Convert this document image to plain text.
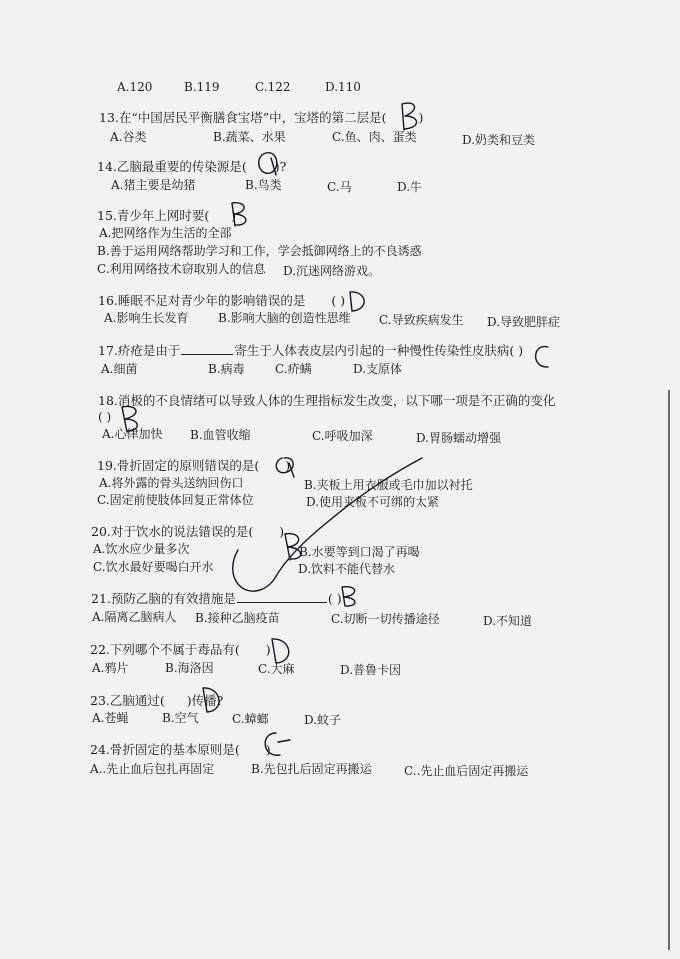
A.120	B.119	C.122	D.110
13.在“中国居民平衡膳食宝塔”中，宝塔的第二层是(	)
A.谷类	B.蔬菜、水果	C.鱼、肉、蛋类	D.奶类和豆类
14.乙脑最重要的传染源是( )?
A.猪主要是幼猪	B.鸟类	C.马	D.牛
15.青少年上网时要( )
A.把网络作为生活的全部
B.善于运用网络帮助学习和工作，学会抵御网络上的不良诱惑
C.利用网络技术窃取别人的信息 D.沉迷网络游戏。
16.睡眠不足对青少年的影响错误的是 ( )
A.影响生长发育 B.影响大脑的创造性思维 C.导致疾病发生 D.导致肥胖症
17.疥疮是由于	寄生于人体表皮层内引起的一种慢性传染性皮肤病( )
A.细菌	B.病毒	C.疥螨	D.支原体
18.消极的不良情绪可以导致人体的生理指标发生改变，以下哪一项是不正确的变化
( )
A.心律加快 B.血管收缩	C.呼吸加深	D.胃肠蠕动增强
19.骨折固定的原则错误的是( )
A.将外露的骨头送纳回伤口	B.夹板上用衣服或毛巾加以衬托
C.固定前使肢体回复正常体位	D.使用夹板不可绑的太紧
20.对于饮水的说法错误的是( )
A.饮水应少量多次	B.水要等到口渴了再喝
C.饮水最好要喝白开水	D.饮料不能代替水
21.预防乙脑的有效措施是	( )
A.隔离乙脑病人 B.接种乙脑疫苗	C.切断一切传播途径	D.不知道
22.下列哪个不属于毒品有( )
A.鸦片	B.海洛因	C.大麻	D.普鲁卡因
23.乙脑通过( )传播?
A.苍蝇	B.空气	C.蟑螂	D.蚊子
24.骨折固定的基本原则是( )
A..先止血后包扎再固定	B.先包扎后固定再搬运	C..先止血后固定再搬运
